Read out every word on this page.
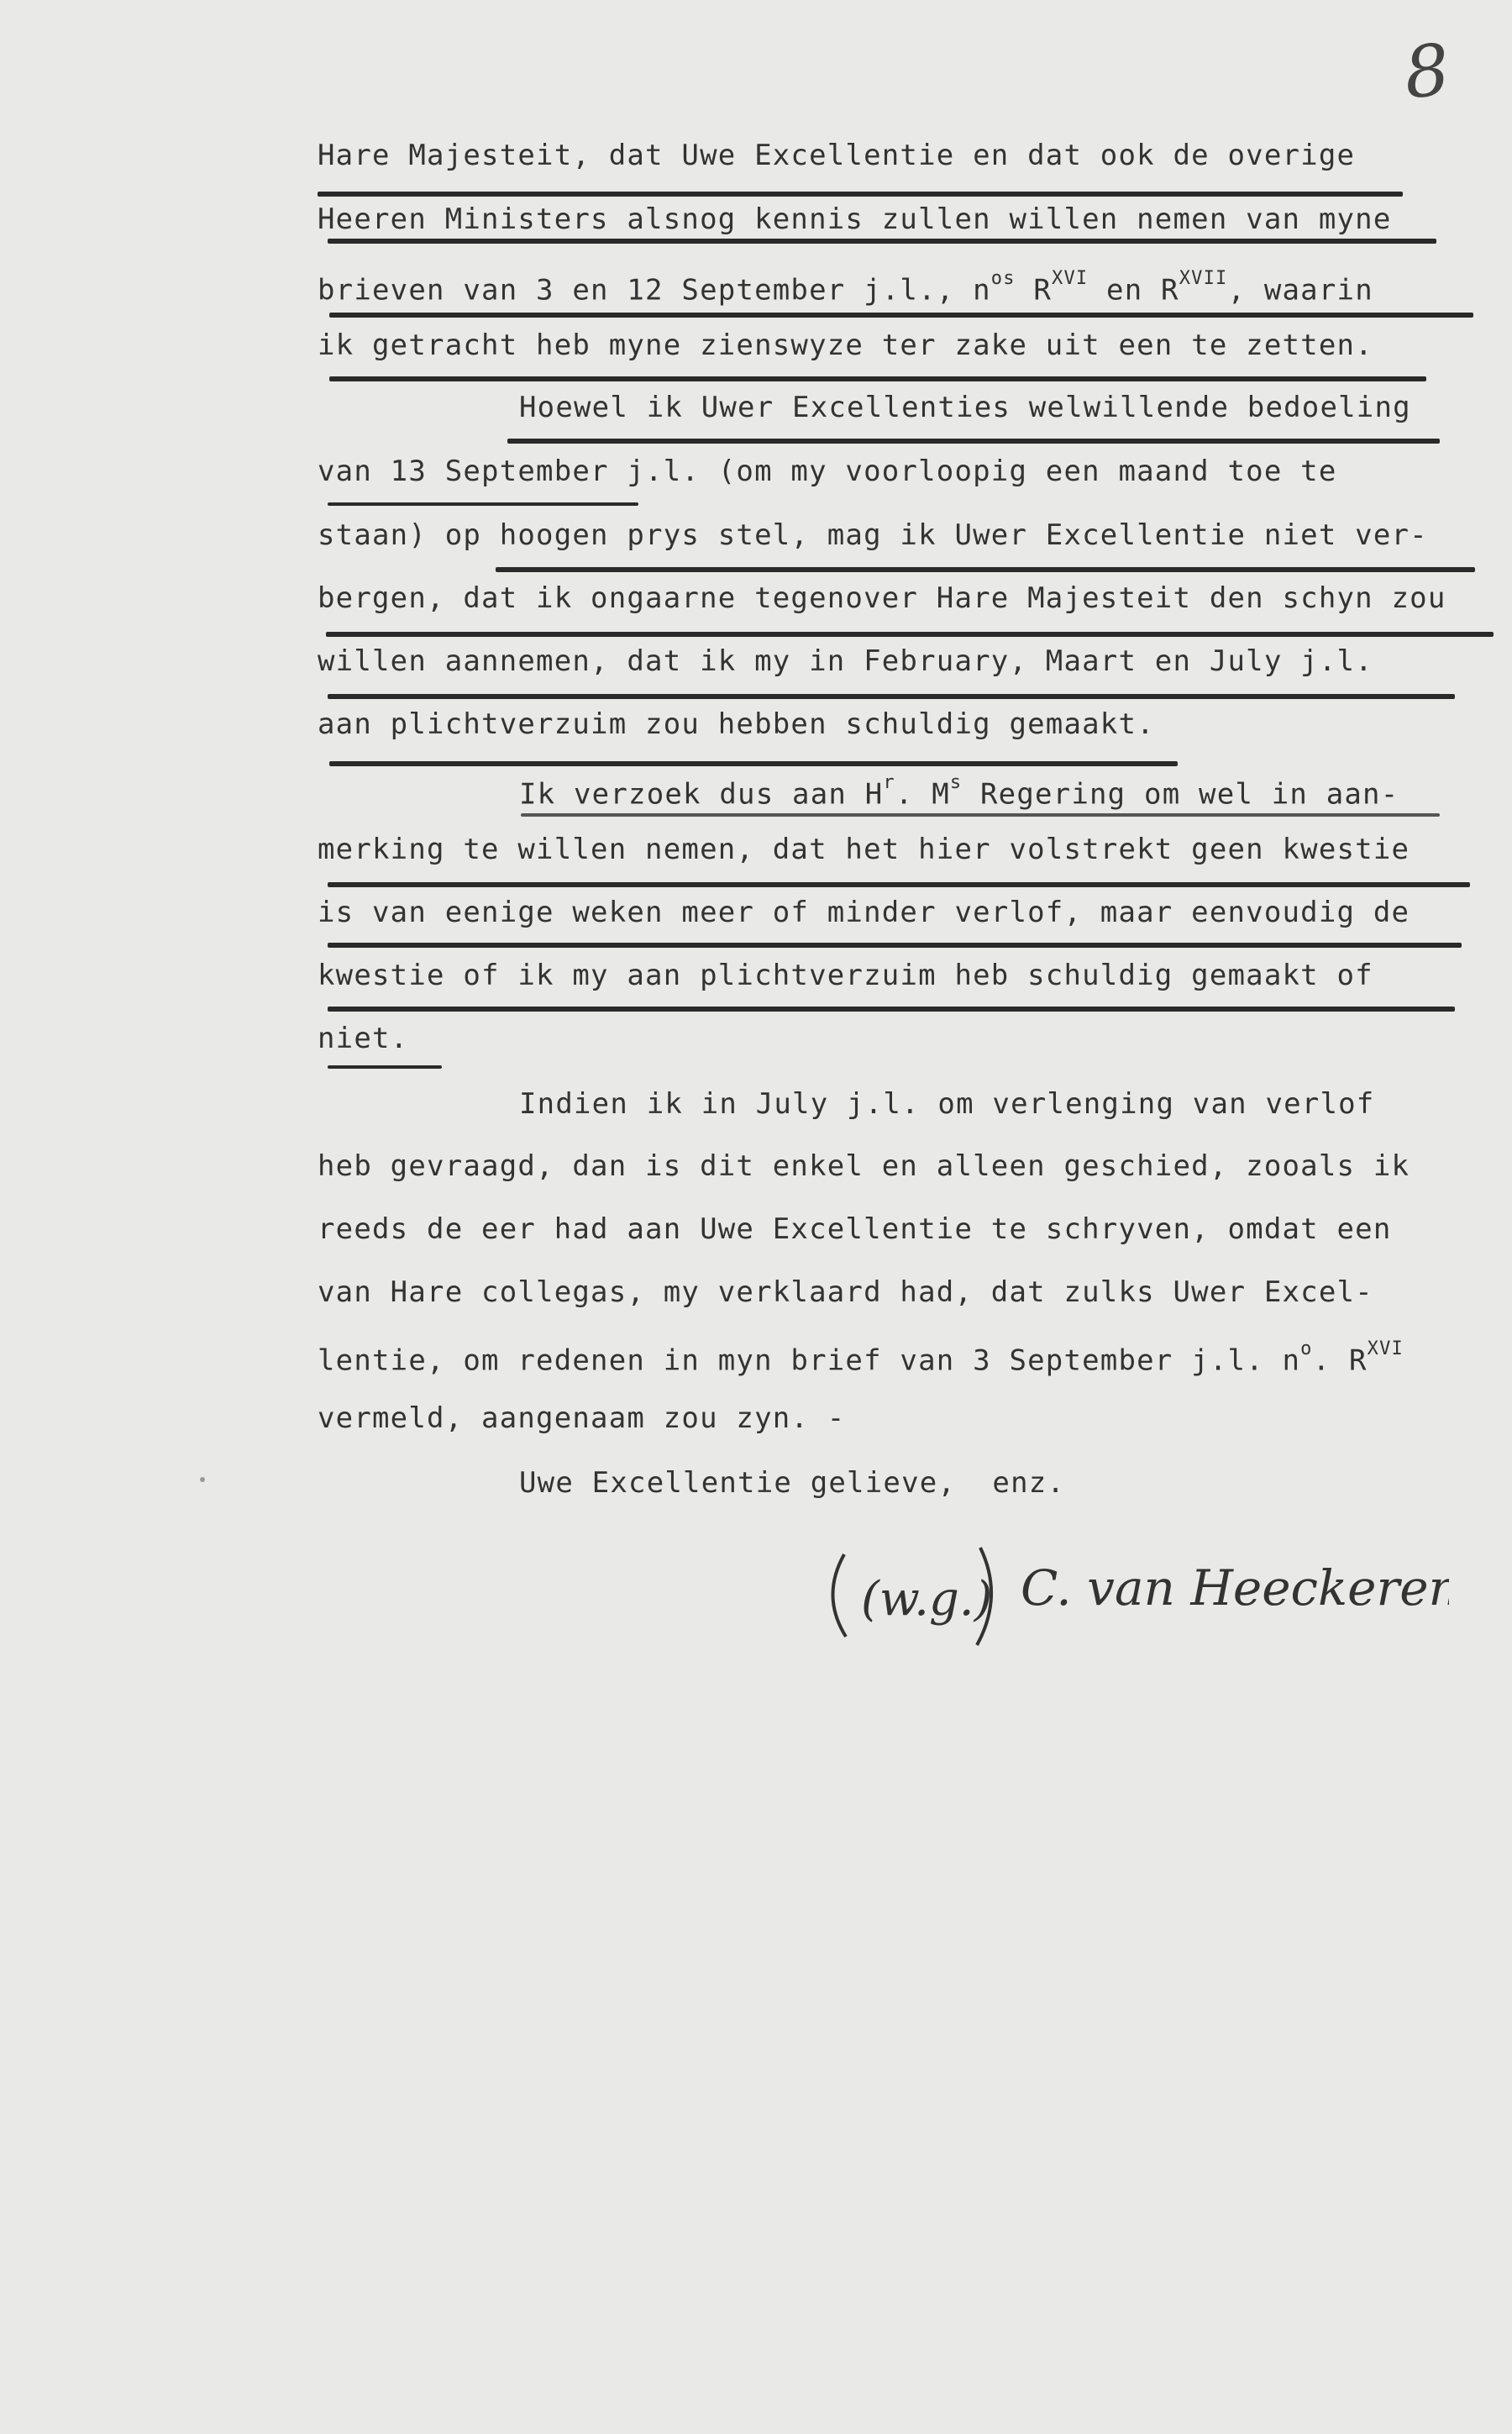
8
Hare Majesteit, dat Uwe Excellentie en dat ook de overige
Heeren Ministers alsnog kennis zullen willen nemen van myne
brieven van 3 en 12 September j.l., $n^{os}$ $R^{XVI}$ en $R^{XVII}$, waarin
ik getracht heb myne zienswyze ter zake uit een te zetten.
Hoewel ik Uwer Excellenties welwillende bedoeling
van 13 September j.l. (om my voorloopig een maand toe te
staan) op hoogen prys stel, mag ik Uwer Excellentie niet ver-
bergen, dat ik ongaarne tegenover Hare Majesteit den schyn zou
willen aannemen, dat ik my in February, Maart en July j.l.
aan plichtverzuim zou hebben schuldig gemaakt.
Ik verzoek dus aan $H^r$. $M^s$ Regering om wel in aan-
merking te willen nemen, dat het hier volstrekt geen kwestie
is van eenige weken meer of minder verlof, maar eenvoudig de
kwestie of ik my aan plichtverzuim heb schuldig gemaakt of
niet.
Indien ik in July j.l. om verlenging van verlof
heb gevraagd, dan is dit enkel en alleen geschied, zooals ik
reeds de eer had aan Uwe Excellentie te schryven, omdat een
van Hare collegas, my verklaard had, dat zulks Uwer Excel-
lentie, om redenen in myn brief van 3 September j.l. $n^o$. $R^{XVI}$
vermeld, aangenaam zou zyn. -
Uwe Excellentie gelieve,  enz.
(w.g.) C. van Heeckeren
